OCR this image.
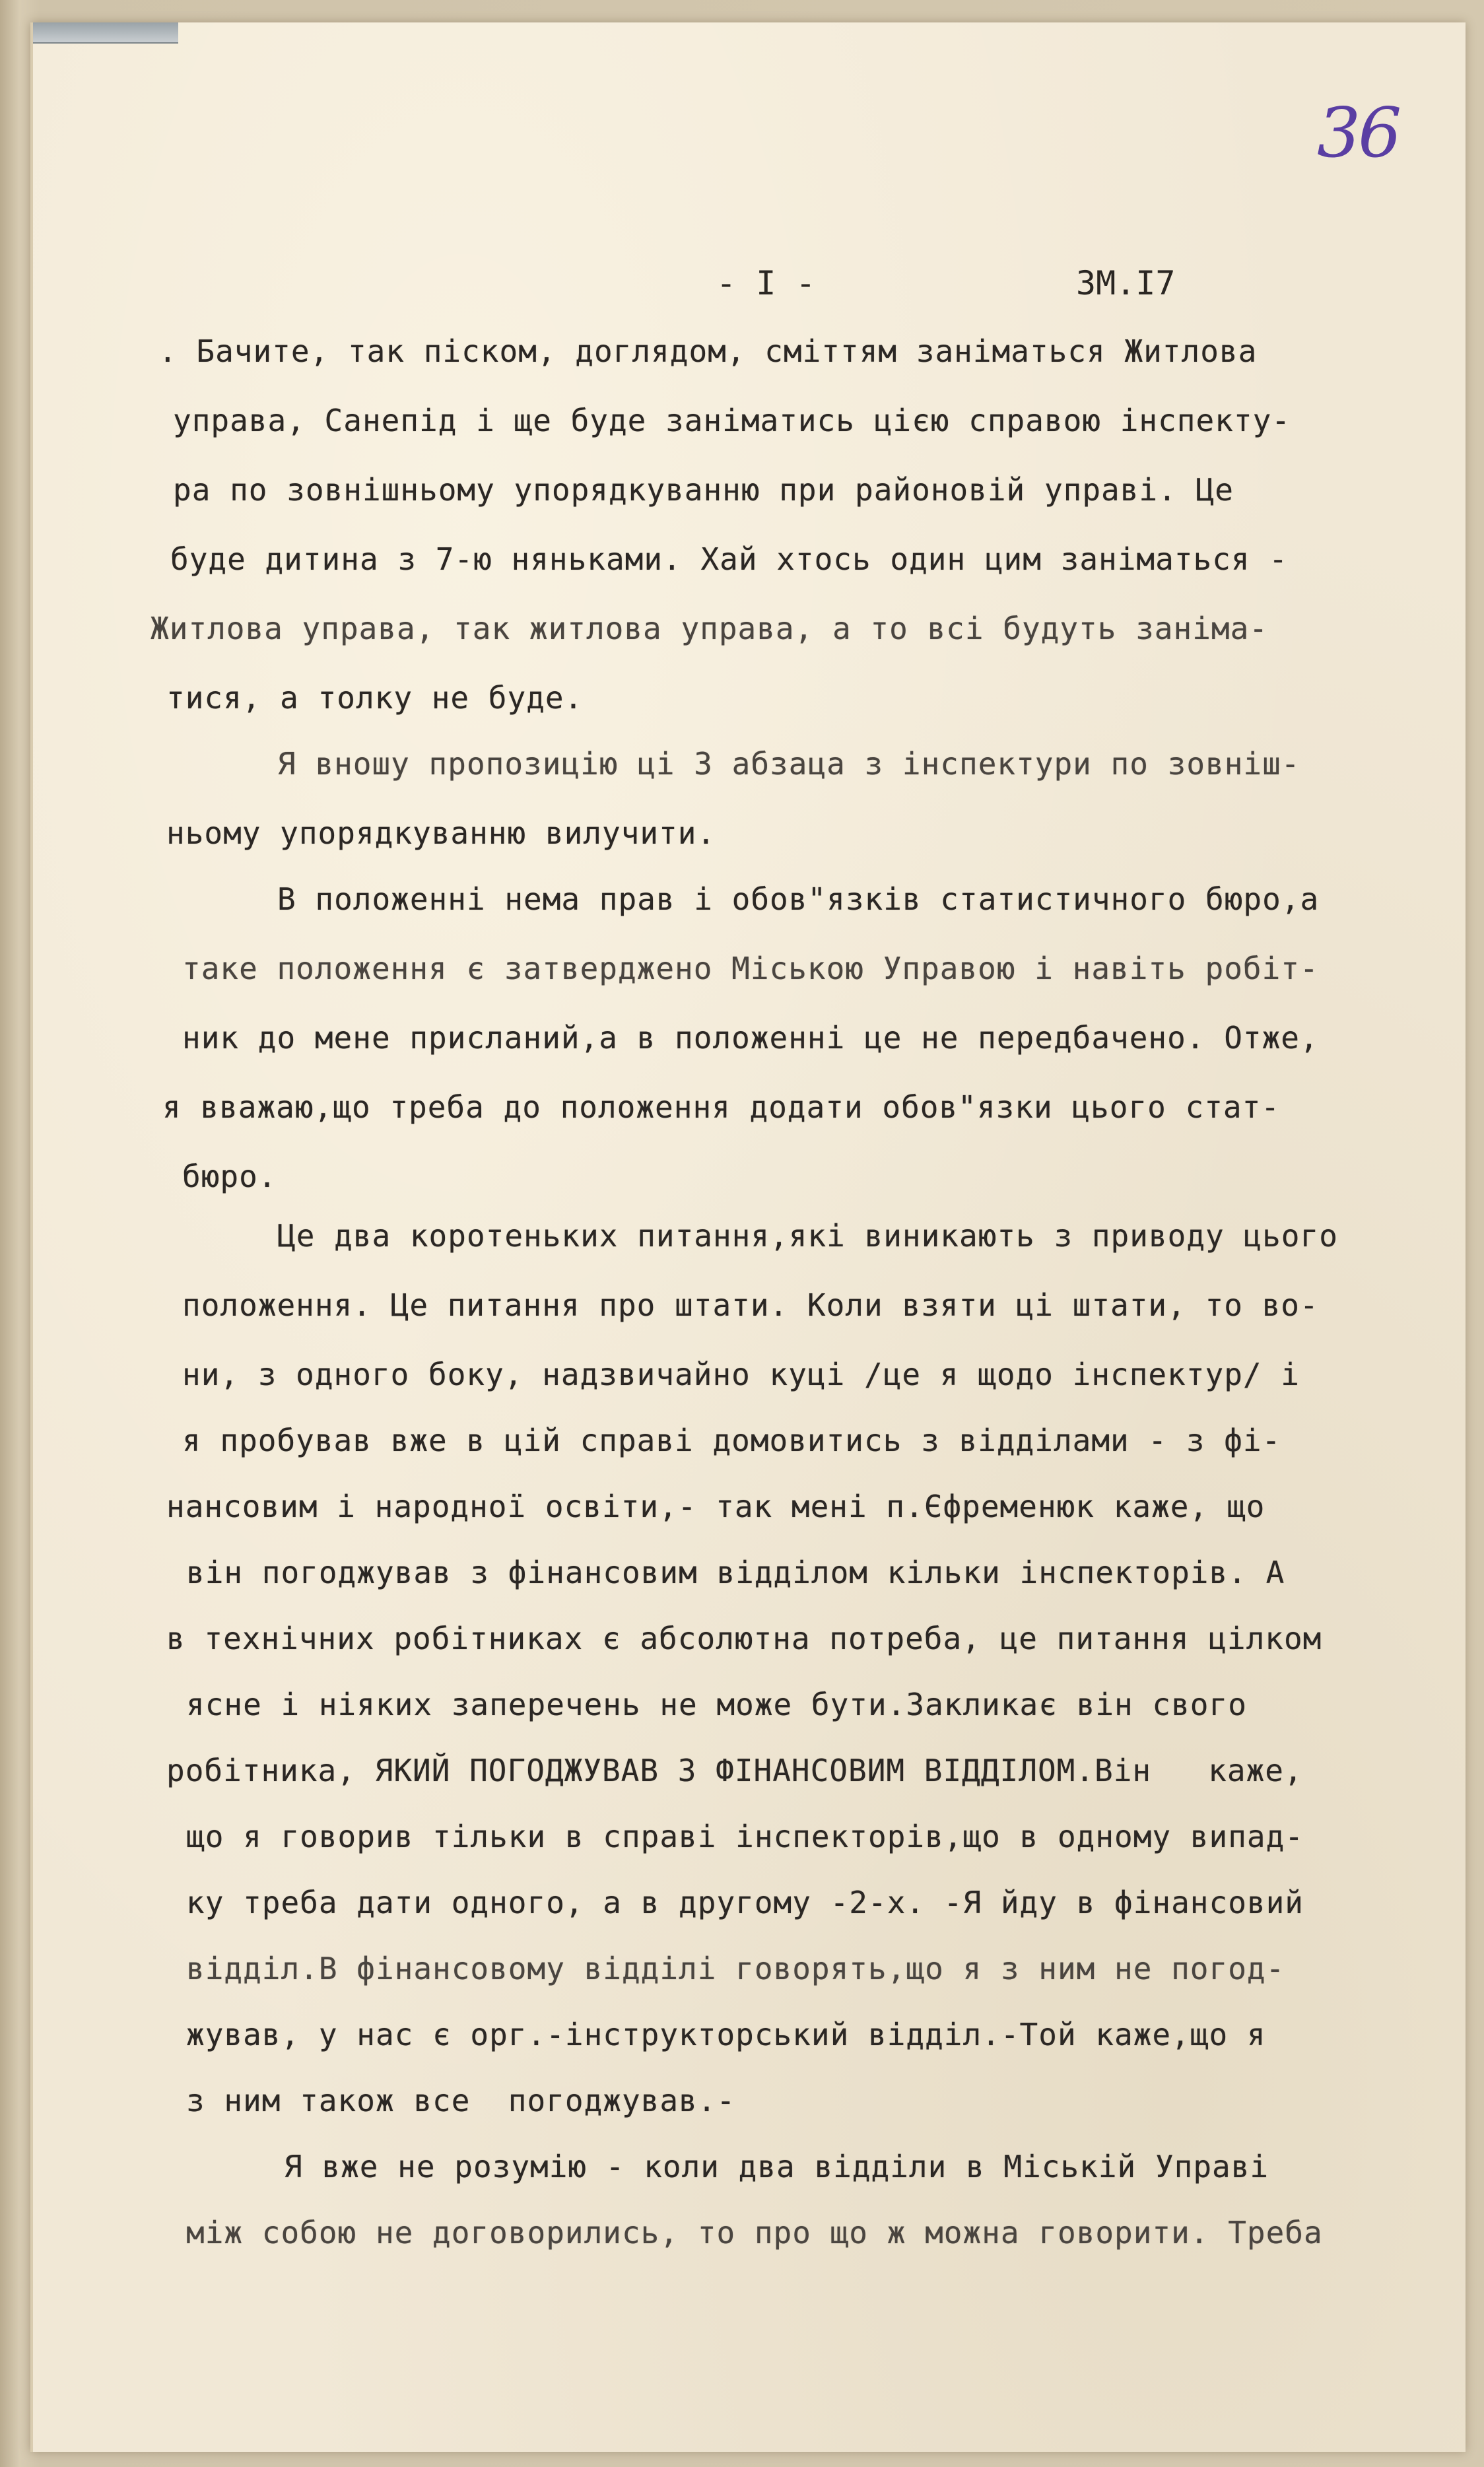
36
- I -	ЗМ.I7
. Бачите, так піском, доглядом, сміттям заніматься Житлова
управа, Санепід і ще буде заніматись цією справою інспекту-
ра по зовнішньому упорядкуванню при районовій управі. Це
буде дитина з 7-ю няньками. Хай хтось один цим заніматься -
Житлова управа, так житлова управа, а то всі будуть заніма-
тися, а толку не буде.
Я вношу пропозицію ці 3 абзаца з інспектури по зовніш-
ньому упорядкуванню вилучити.
В положенні нема прав і обов"язків статистичного бюро,а
таке положення є затверджено Міською Управою і навіть робіт-
ник до мене присланий,а в положенні це не передбачено. Отже,
я вважаю,що треба до положення додати обов"язки цього стат-
бюро.
Це два коротеньких питання,які виникають з приводу цього
положення. Це питання про штати. Коли взяти ці штати, то во-
ни, з одного боку, надзвичайно куці /це я щодо інспектур/ і
я пробував вже в цій справі домовитись з відділами - з фі-
нансовим і народної освіти,- так мені п.Єфременюк каже, що
він погоджував з фінансовим відділом кільки інспекторів. А
в технічних робітниках є абсолютна потреба, це питання цілком
ясне і ніяких заперечень не може бути.Закликає він свого
робітника, ЯКИЙ ПОГОДЖУВАВ З ФІНАНСОВИМ ВІДДІЛОМ.Він   каже,
що я говорив тільки в справі інспекторів,що в одному випад-
ку треба дати одного, а в другому -2-х. -Я йду в фінансовий
відділ.В фінансовому відділі говорять,що я з ним не погод-
жував, у нас є орг.-інструкторський відділ.-Той каже,що я
з ним також все  погоджував.-
Я вже не розумію - коли два відділи в Міській Управі
між собою не договорились, то про що ж можна говорити. Треба
